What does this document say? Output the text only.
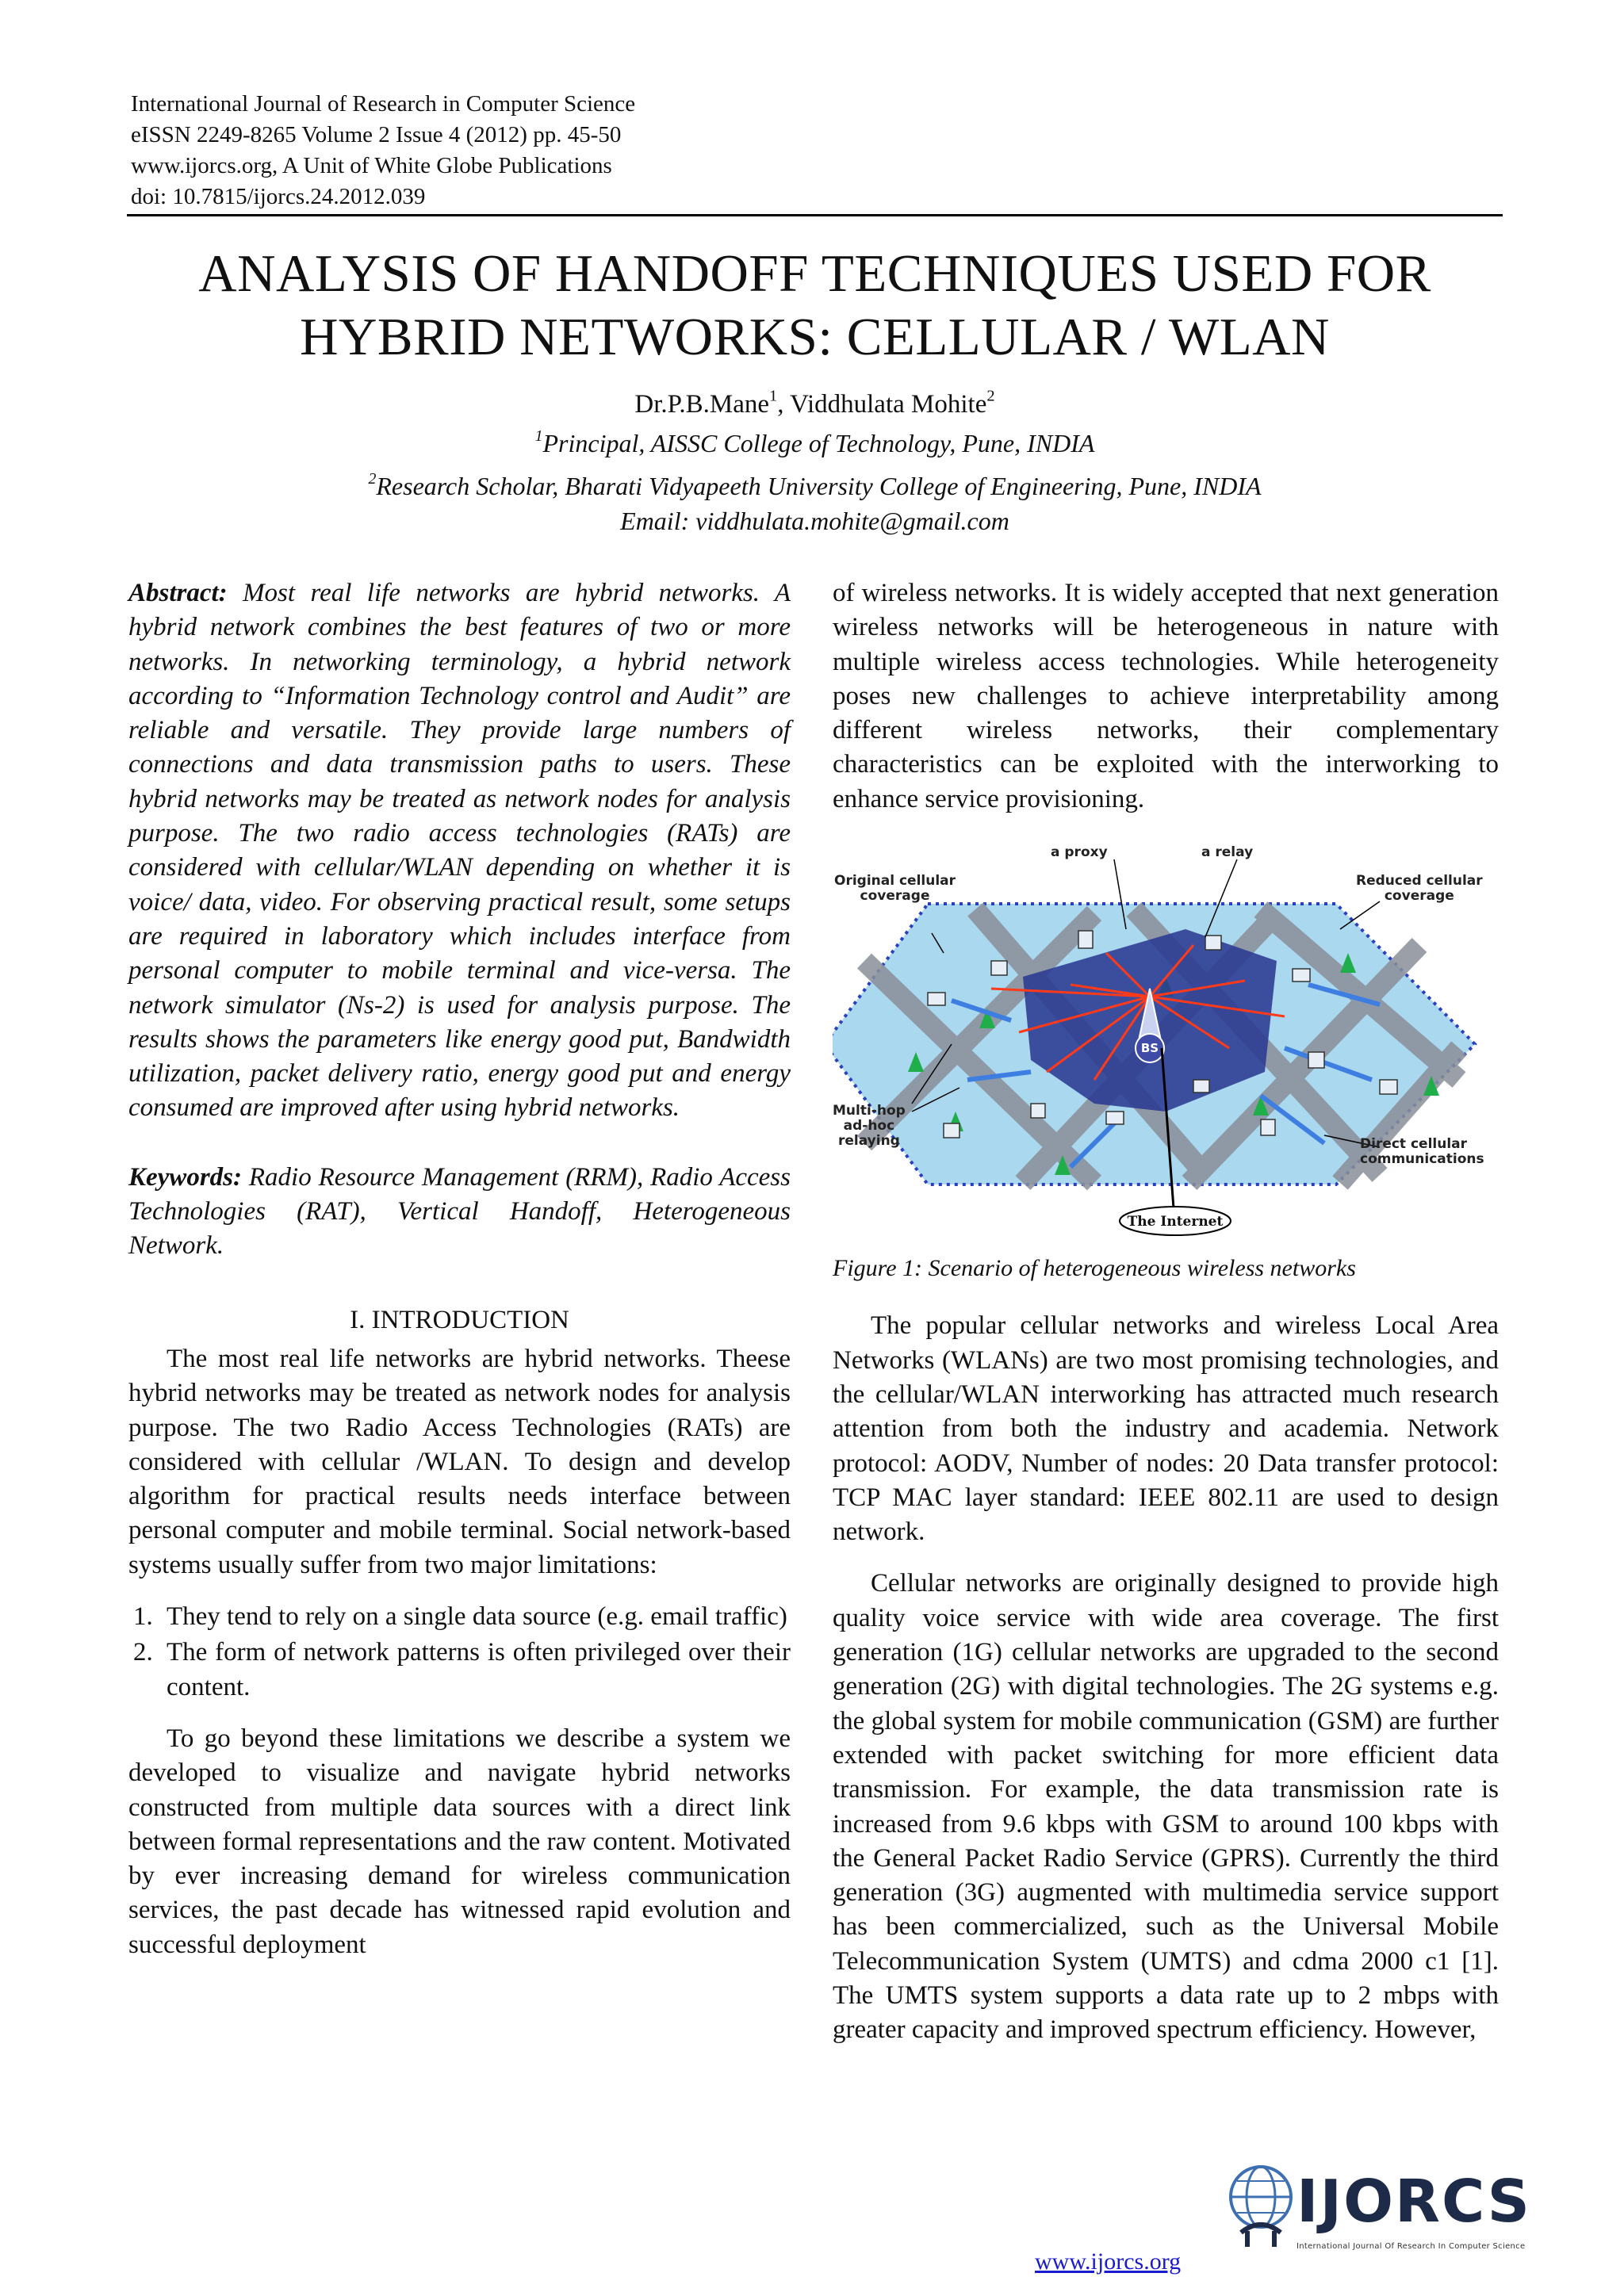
International Journal of Research in Computer Science
eISSN 2249-8265 Volume 2 Issue 4 (2012) pp. 45-50
www.ijorcs.org, A Unit of White Globe Publications
doi: 10.7815/ijorcs.24.2012.039
ANALYSIS OF HANDOFF TECHNIQUES USED FOR
HYBRID NETWORKS: CELLULAR / WLAN
Dr.P.B.Mane$^1$, Viddhulata Mohite$^2$
$^1$Principal, AISSC College of Technology, Pune, INDIA
$^2$Research Scholar, Bharati Vidyapeeth University College of Engineering, Pune, INDIA
Email: viddhulata.mohite@gmail.com

Abstract: Most real life networks are hybrid networks. A hybrid network combines the best features of two or more networks. In networking terminology, a hybrid network according to “Information Technology control and Audit” are reliable and versatile. They provide large numbers of connections and data transmission paths to users. These hybrid networks may be treated as network nodes for analysis purpose. The two radio access technologies (RATs) are considered with cellular/WLAN depending on whether it is voice/ data, video. For observing practical result, some setups are required in laboratory which includes interface from personal computer to mobile terminal and vice-versa. The network simulator (Ns-2) is used for analysis purpose. The results shows the parameters like energy good put, Bandwidth utilization, packet delivery ratio, energy good put and energy consumed are improved after using hybrid networks.

Keywords: Radio Resource Management (RRM), Radio Access Technologies (RAT), Vertical Handoff, Heterogeneous Network.

I. INTRODUCTION

The most real life networks are hybrid networks. Theese hybrid networks may be treated as network nodes for analysis purpose. The two Radio Access Technologies (RATs) are considered with cellular /WLAN. To design and develop algorithm for practical results needs interface between personal computer and mobile terminal. Social network-based systems usually suffer from two major limitations:

1. They tend to rely on a single data source (e.g. email traffic)
2. The form of network patterns is often privileged over their content.

To go beyond these limitations we describe a system we developed to visualize and navigate hybrid networks constructed from multiple data sources with a direct link between formal representations and the raw content. Motivated by ever increasing demand for wireless communication services, the past decade has witnessed rapid evolution and successful deployment

of wireless networks. It is widely accepted that next generation wireless networks will be heterogeneous in nature with multiple wireless access technologies. While heterogeneity poses new challenges to achieve interpretability among different wireless networks, their complementary characteristics can be exploited with the interworking to enhance service provisioning.

BS
The Internet
a proxy	a relay
Original cellular
coverage
Reduced cellular
coverage
Multi-hop
ad-hoc
relaying	Direct cellular
communications
Figure 1: Scenario of heterogeneous wireless networks

The popular cellular networks and wireless Local Area Networks (WLANs) are two most promising technologies, and the cellular/WLAN interworking has attracted much research attention from both the industry and academia. Network protocol: AODV, Number of nodes: 20 Data transfer protocol: TCP MAC layer standard: IEEE 802.11 are used to design network.

Cellular networks are originally designed to provide high quality voice service with wide area coverage. The first generation (1G) cellular networks are upgraded to the second generation (2G) with digital technologies. The 2G systems e.g. the global system for mobile communication (GSM) are further extended with packet switching for more efficient data transmission. For example, the data transmission rate is increased from 9.6 kbps with GSM to around 100 kbps with the General Packet Radio Service (GPRS). Currently the third generation (3G) augmented with multimedia service support has been commercialized, such as the Universal Mobile Telecommunication System (UMTS) and cdma 2000 c1 [1]. The UMTS system supports a data rate up to 2 mbps with greater capacity and improved spectrum efficiency. However,

www.ijorcs.org
IJORCS
International Journal Of Research In Computer Science
